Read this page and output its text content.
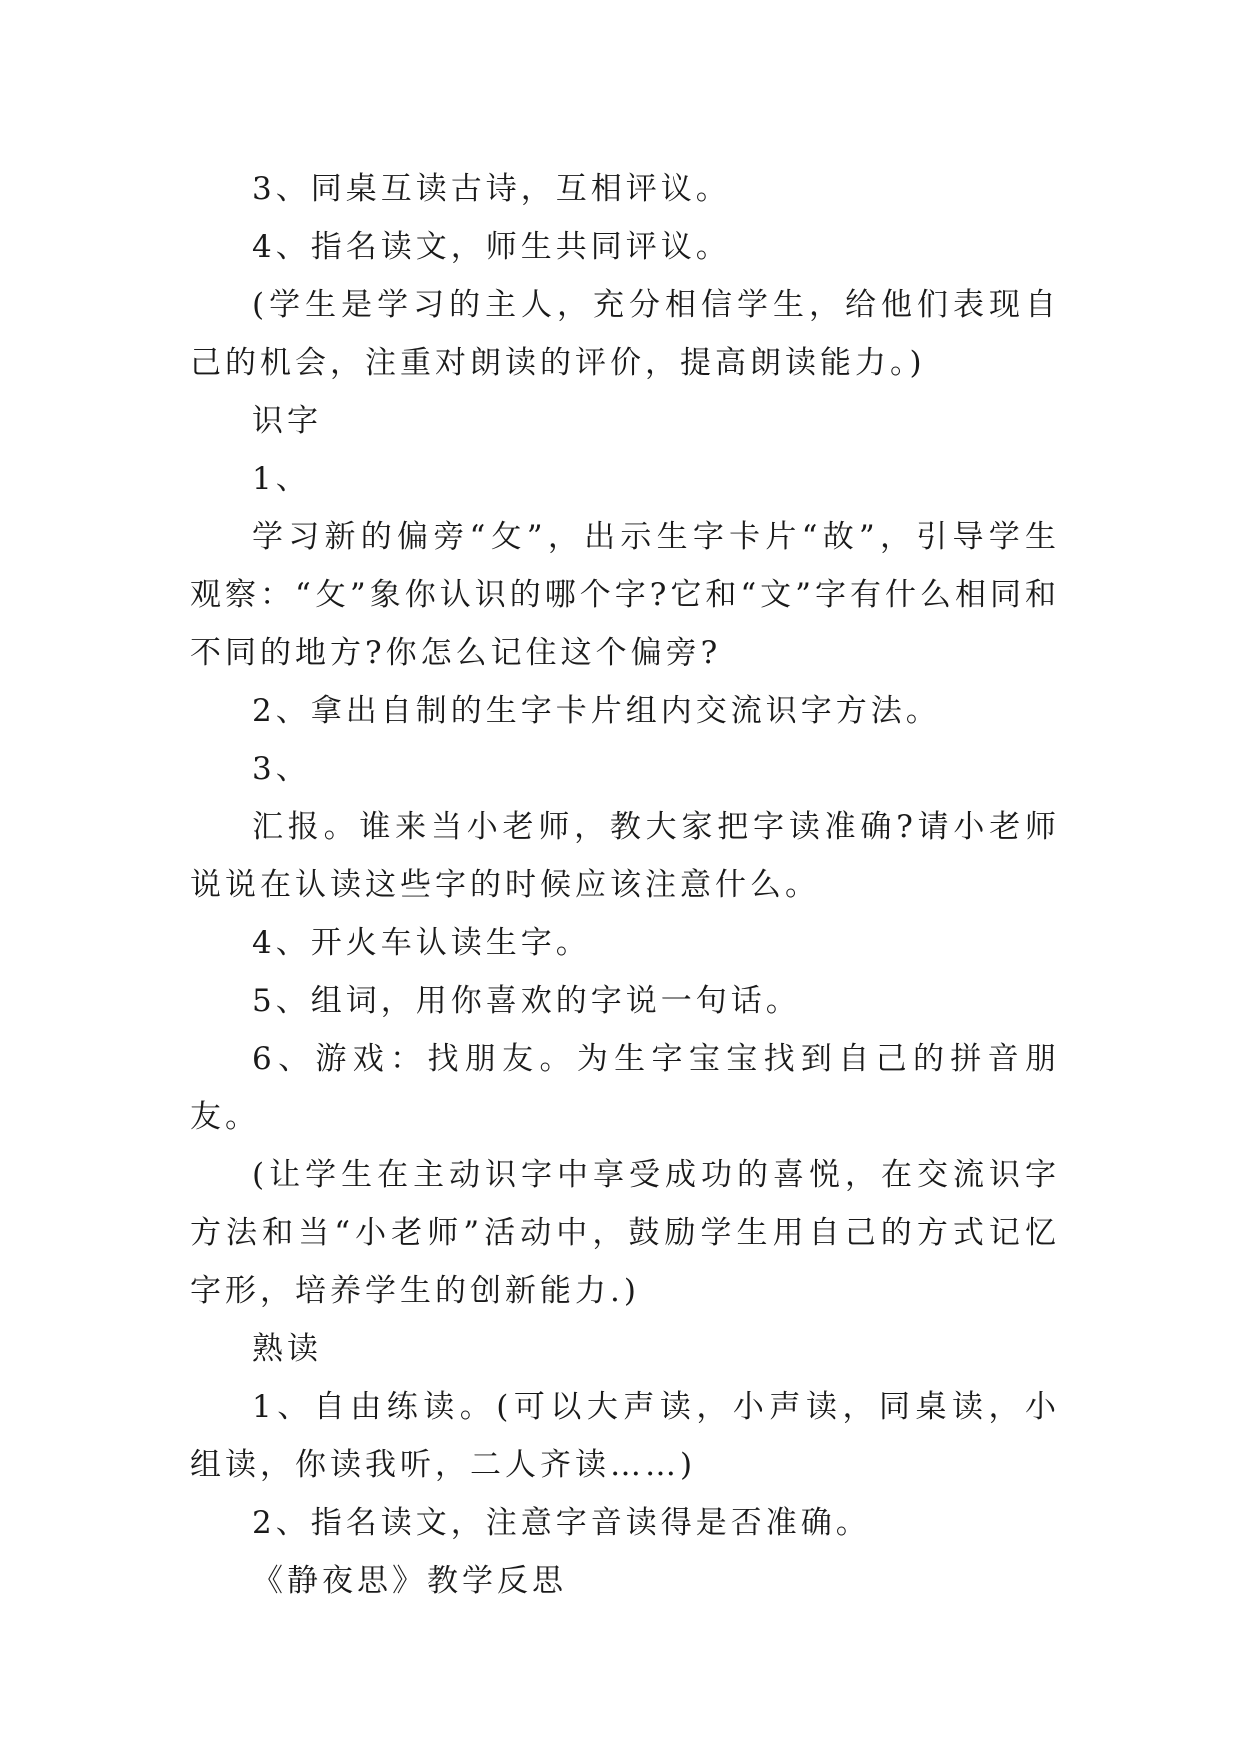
3、同桌互读古诗，互相评议。

4、指名读文，师生共同评议。

(学生是学习的主人，充分相信学生，给他们表现自己的机会，注重对朗读的评价，提高朗读能力。)

识字

1、

学习新的偏旁“攵”，出示生字卡片“故”，引导学生观察：“攵”象你认识的哪个字?它和“文”字有什么相同和不同的地方?你怎么记住这个偏旁?

2、拿出自制的生字卡片组内交流识字方法。

3、

汇报。谁来当小老师，教大家把字读准确?请小老师说说在认读这些字的时候应该注意什么。

4、开火车认读生字。

5、组词，用你喜欢的字说一句话。

6、游戏：找朋友。为生字宝宝找到自己的拼音朋友。

(让学生在主动识字中享受成功的喜悦，在交流识字方法和当“小老师”活动中，鼓励学生用自己的方式记忆字形，培养学生的创新能力.)

熟读

1、自由练读。(可以大声读，小声读，同桌读，小组读，你读我听，二人齐读……)

2、指名读文，注意字音读得是否准确。

《静夜思》教学反思
